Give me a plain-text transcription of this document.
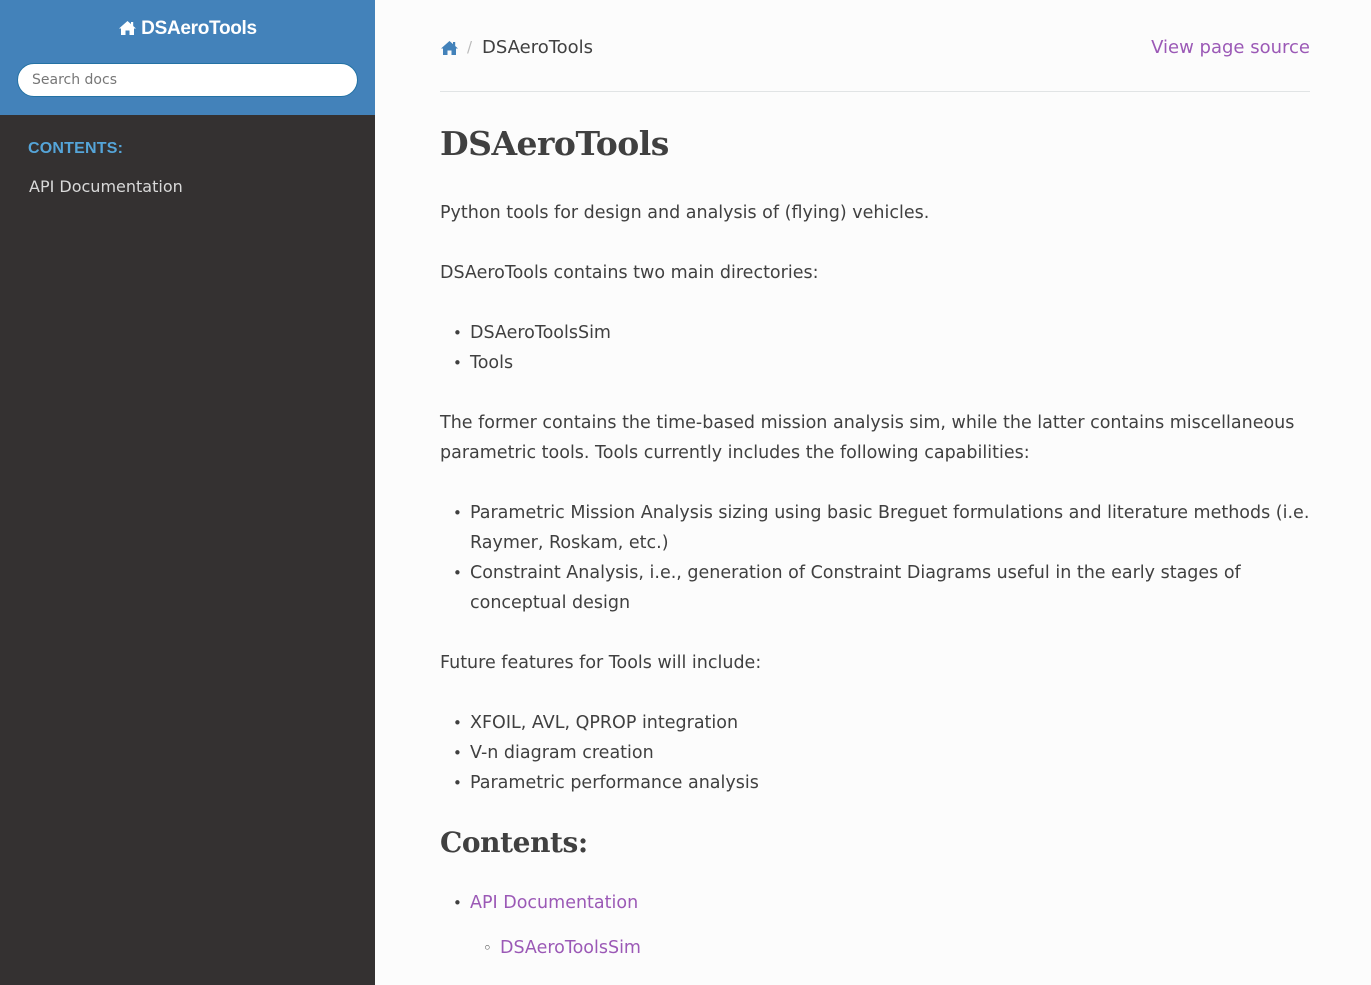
DSAeroTools
Search docs
CONTENTS:
API Documentation
/ DSAeroTools	View page source
DSAeroTools

Python tools for design and analysis of (flying) vehicles.

DSAeroTools contains two main directories:

• DSAeroToolsSim
• Tools

The former contains the time-based mission analysis sim, while the latter contains miscellaneous parametric tools. Tools currently includes the following capabilities:

• Parametric Mission Analysis sizing using basic Breguet formulations and literature methods (i.e. Raymer, Roskam, etc.)
• Constraint Analysis, i.e., generation of Constraint Diagrams useful in the early stages of conceptual design

Future features for Tools will include:

• XFOIL, AVL, QPROP integration
• V-n diagram creation
• Parametric performance analysis
Contents:
• API Documentation
◦ DSAeroToolsSim
